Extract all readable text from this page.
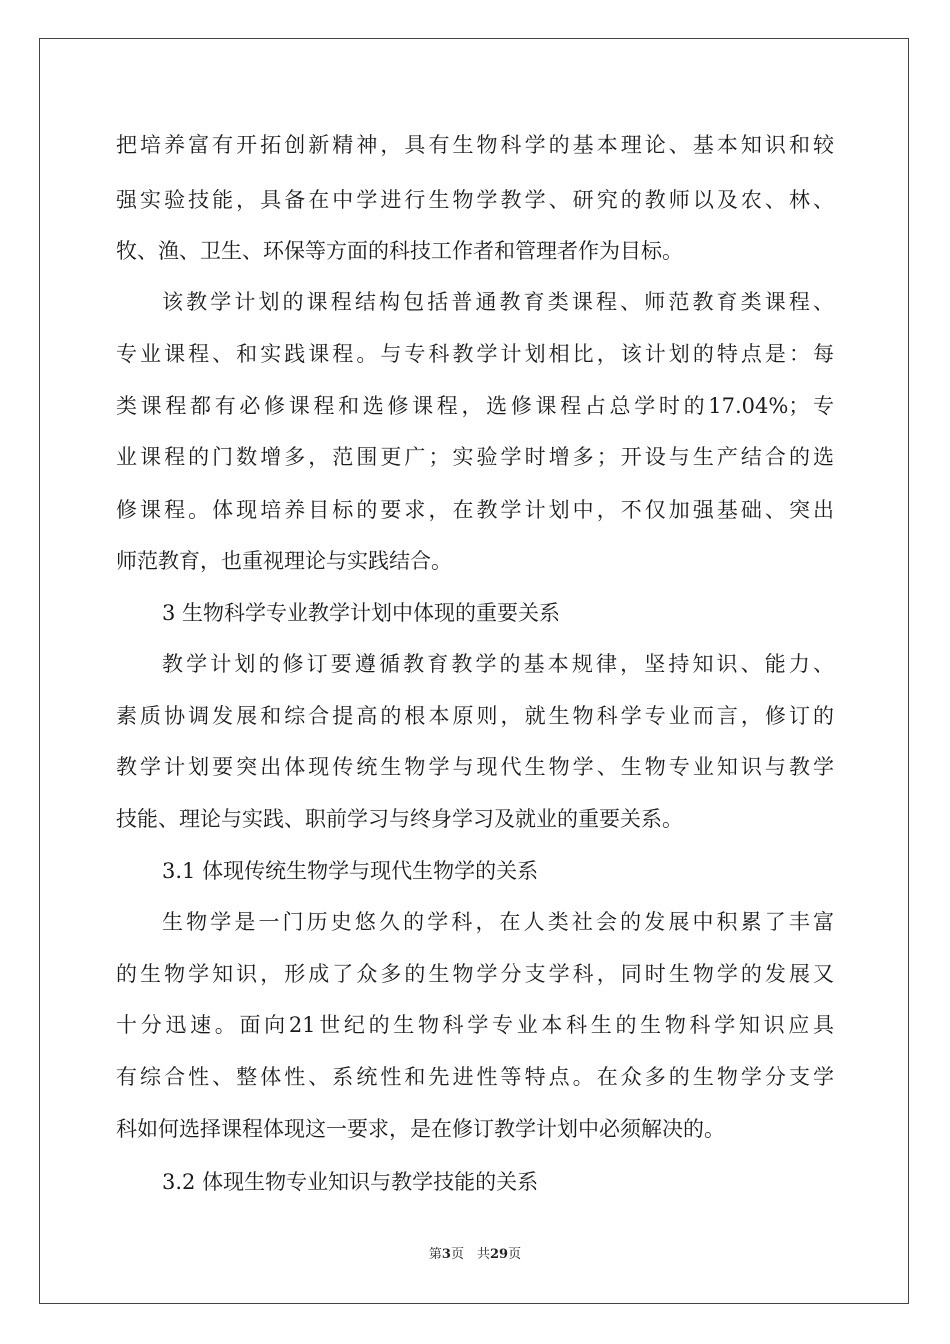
把培养富有开拓创新精神，具有生物科学的基本理论、基本知识和较
强实验技能，具备在中学进行生物学教学、研究的教师以及农、林、
牧、渔、卫生、环保等方面的科技工作者和管理者作为目标。
该教学计划的课程结构包括普通教育类课程、师范教育类课程、
专业课程、和实践课程。与专科教学计划相比，该计划的特点是：每
类课程都有必修课程和选修课程，选修课程占总学时的17.04%；专
业课程的门数增多，范围更广；实验学时增多；开设与生产结合的选
修课程。体现培养目标的要求，在教学计划中，不仅加强基础、突出
师范教育，也重视理论与实践结合。
3 生物科学专业教学计划中体现的重要关系
教学计划的修订要遵循教育教学的基本规律，坚持知识、能力、
素质协调发展和综合提高的根本原则，就生物科学专业而言，修订的
教学计划要突出体现传统生物学与现代生物学、生物专业知识与教学
技能、理论与实践、职前学习与终身学习及就业的重要关系。
3.1 体现传统生物学与现代生物学的关系
生物学是一门历史悠久的学科，在人类社会的发展中积累了丰富
的生物学知识，形成了众多的生物学分支学科，同时生物学的发展又
十分迅速。面向21世纪的生物科学专业本科生的生物科学知识应具
有综合性、整体性、系统性和先进性等特点。在众多的生物学分支学
科如何选择课程体现这一要求，是在修订教学计划中必须解决的。
3.2 体现生物专业知识与教学技能的关系
第3页　共29页
